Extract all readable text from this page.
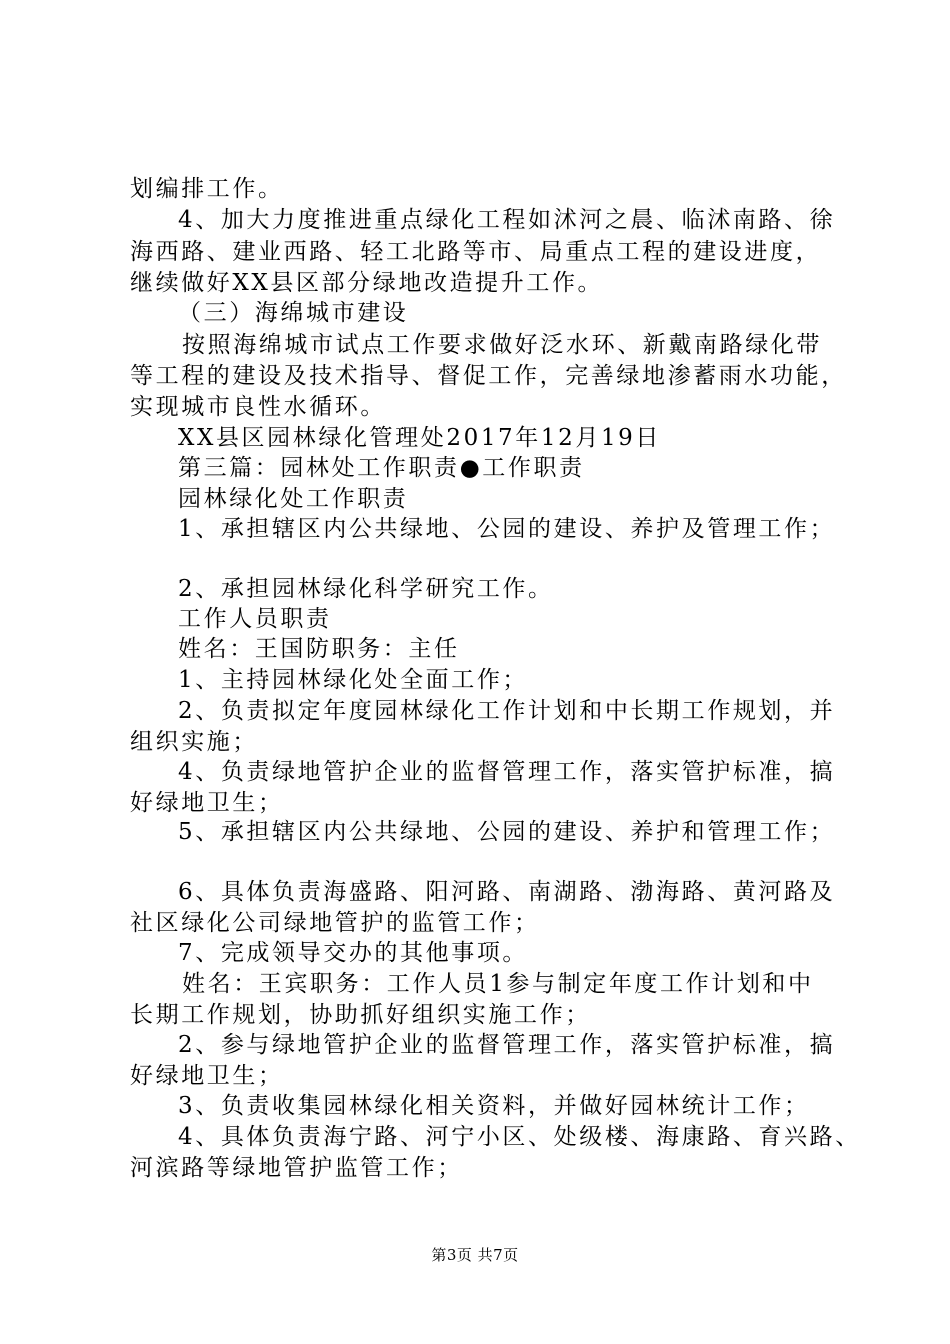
划编排工作。
4、加大力度推进重点绿化工程如沭河之晨、临沭南路、徐
海西路、建业西路、轻工北路等市、局重点工程的建设进度，
继续做好XX县区部分绿地改造提升工作。
（三）海绵城市建设
按照海绵城市试点工作要求做好泛水环、新戴南路绿化带
等工程的建设及技术指导、督促工作，完善绿地渗蓄雨水功能，
实现城市良性水循环。
XX县区园林绿化管理处2017年12月19日
第三篇：园林处工作职责●工作职责
园林绿化处工作职责
1、承担辖区内公共绿地、公园的建设、养护及管理工作；
2、承担园林绿化科学研究工作。
工作人员职责
姓名：王国防职务：主任
1、主持园林绿化处全面工作；
2、负责拟定年度园林绿化工作计划和中长期工作规划，并
组织实施；
4、负责绿地管护企业的监督管理工作，落实管护标准，搞
好绿地卫生；
5、承担辖区内公共绿地、公园的建设、养护和管理工作；
6、具体负责海盛路、阳河路、南湖路、渤海路、黄河路及
社区绿化公司绿地管护的监管工作；
7、完成领导交办的其他事项。
姓名：王宾职务：工作人员1参与制定年度工作计划和中
长期工作规划，协助抓好组织实施工作；
2、参与绿地管护企业的监督管理工作，落实管护标准，搞
好绿地卫生；
3、负责收集园林绿化相关资料，并做好园林统计工作；
4、具体负责海宁路、河宁小区、处级楼、海康路、育兴路、
河滨路等绿地管护监管工作；
第3页 共7页
